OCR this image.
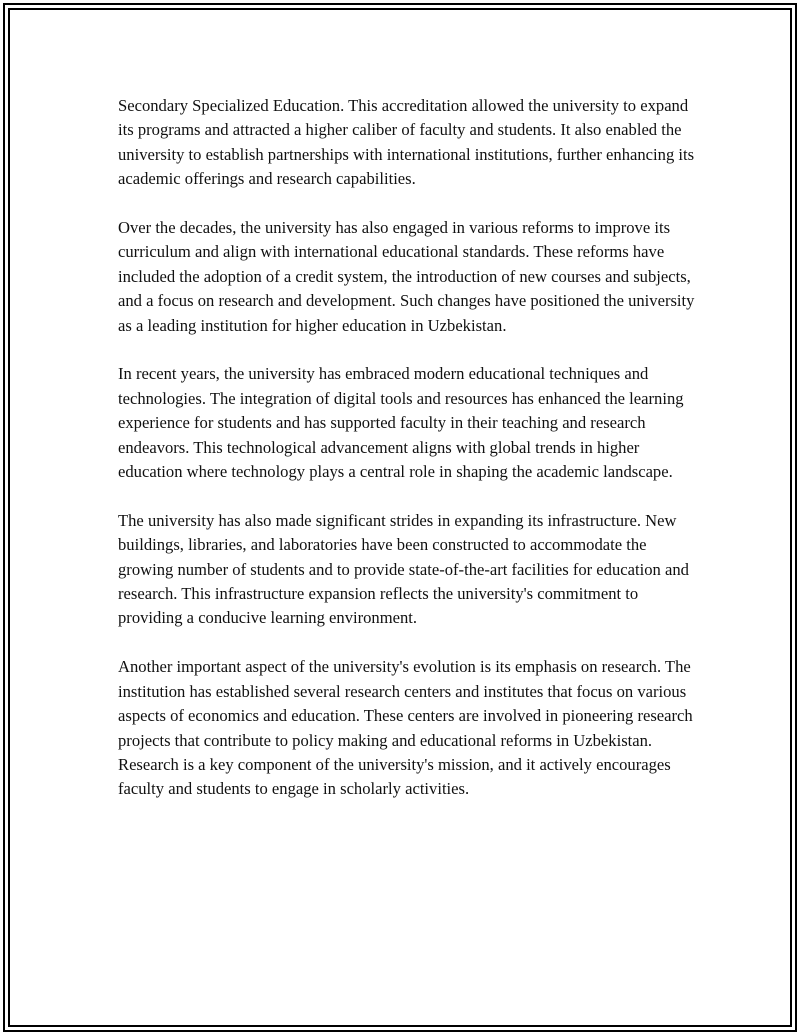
Secondary Specialized Education. This accreditation allowed the university to expand its programs and attracted a higher caliber of faculty and students. It also enabled the university to establish partnerships with international institutions, further enhancing its academic offerings and research capabilities.

Over the decades, the university has also engaged in various reforms to improve its curriculum and align with international educational standards. These reforms have included the adoption of a credit system, the introduction of new courses and subjects, and a focus on research and development. Such changes have positioned the university as a leading institution for higher education in Uzbekistan.

In recent years, the university has embraced modern educational techniques and technologies. The integration of digital tools and resources has enhanced the learning experience for students and has supported faculty in their teaching and research endeavors. This technological advancement aligns with global trends in higher education where technology plays a central role in shaping the academic landscape.

The university has also made significant strides in expanding its infrastructure. New buildings, libraries, and laboratories have been constructed to accommodate the growing number of students and to provide state-of-the-art facilities for education and research. This infrastructure expansion reflects the university's commitment to providing a conducive learning environment.

Another important aspect of the university's evolution is its emphasis on research. The institution has established several research centers and institutes that focus on various aspects of economics and education. These centers are involved in pioneering research projects that contribute to policy making and educational reforms in Uzbekistan. Research is a key component of the university's mission, and it actively encourages faculty and students to engage in scholarly activities.
